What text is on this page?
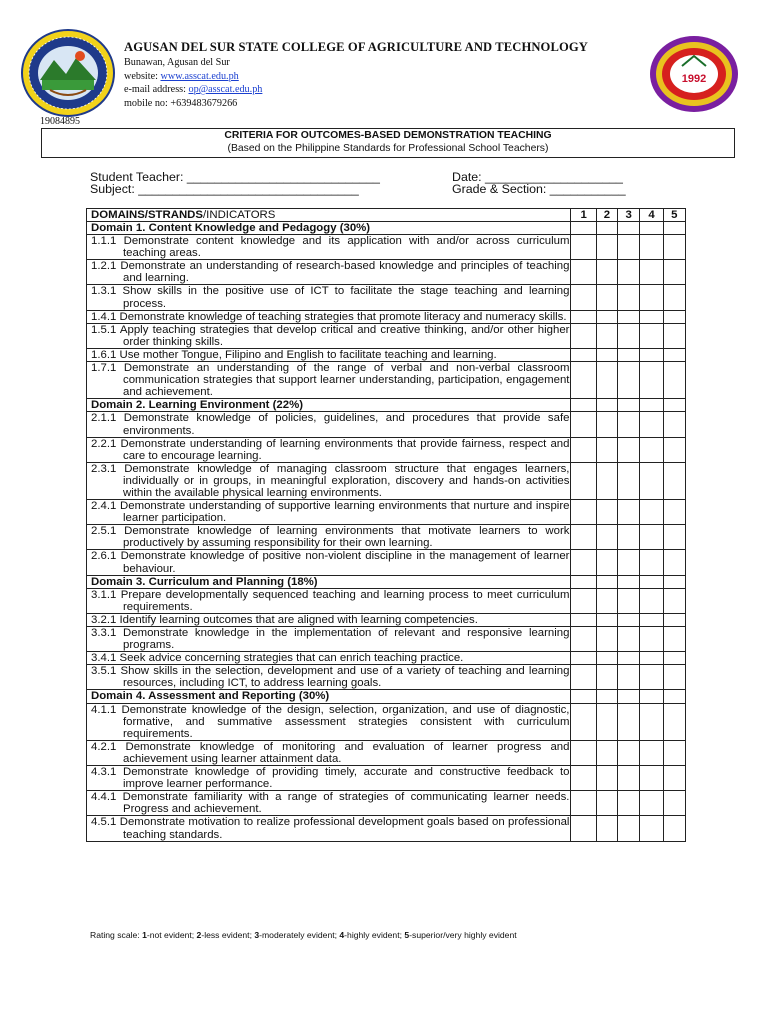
AGUSAN DEL SUR STATE COLLEGE OF AGRICULTURE AND TECHNOLOGY
Bunawan, Agusan del Sur
website: www.asscat.edu.ph
e-mail address: op@asscat.edu.ph
mobile no: +639483679266
1992
19084895
CRITERIA FOR OUTCOMES-BASED DEMONSTRATION TEACHING
(Based on the Philippine Standards for Professional School Teachers)
Student Teacher: ____________________________	Date: ____________________
Subject: ________________________________	Grade & Section: ___________
DOMAINS/STRANDS/INDICATORS	1	2	3	4	5
Domain 1. Content Knowledge and Pedagogy (30%)					
1.1.1 Demonstrate content knowledge and its application with and/or across curriculum teaching areas.					
1.2.1 Demonstrate an understanding of research-based knowledge and principles of teaching and learning.					
1.3.1 Show skills in the positive use of ICT to facilitate the stage teaching and learning process.					
1.4.1 Demonstrate knowledge of teaching strategies that promote literacy and numeracy skills.					
1.5.1 Apply teaching strategies that develop critical and creative thinking, and/or other higher order thinking skills.					
1.6.1 Use mother Tongue, Filipino and English to facilitate teaching and learning.					
1.7.1 Demonstrate an understanding of the range of verbal and non-verbal classroom communication strategies that support learner understanding, participation, engagement and achievement.					
Domain 2. Learning Environment (22%)					
2.1.1 Demonstrate knowledge of policies, guidelines, and procedures that provide safe environments.					
2.2.1 Demonstrate understanding of learning environments that provide fairness, respect and care to encourage learning.					
2.3.1 Demonstrate knowledge of managing classroom structure that engages learners, individually or in groups, in meaningful exploration, discovery and hands-on activities within the available physical learning environments.					
2.4.1 Demonstrate understanding of supportive learning environments that nurture and inspire learner participation.					
2.5.1 Demonstrate knowledge of learning environments that motivate learners to work productively by assuming responsibility for their own learning.					
2.6.1 Demonstrate knowledge of positive non-violent discipline in the management of learner behaviour.					
Domain 3. Curriculum and Planning (18%)					
3.1.1 Prepare developmentally sequenced teaching and learning process to meet curriculum requirements.					
3.2.1 Identify learning outcomes that are aligned with learning competencies.					
3.3.1 Demonstrate knowledge in the implementation of relevant and responsive learning programs.					
3.4.1 Seek advice concerning strategies that can enrich teaching practice.					
3.5.1 Show skills in the selection, development and use of a variety of teaching and learning resources, including ICT, to address learning goals.					
Domain 4. Assessment and Reporting (30%)					
4.1.1 Demonstrate knowledge of the design, selection, organization, and use of diagnostic, formative, and summative assessment strategies consistent with curriculum requirements.					
4.2.1 Demonstrate knowledge of monitoring and evaluation of learner progress and achievement using learner attainment data.					
4.3.1 Demonstrate knowledge of providing timely, accurate and constructive feedback to improve learner performance.					
4.4.1 Demonstrate familiarity with a range of strategies of communicating learner needs. Progress and achievement.					
4.5.1 Demonstrate motivation to realize professional development goals based on professional teaching standards.					
Rating scale: 1-not evident; 2-less evident; 3-moderately evident; 4-highly evident; 5-superior/very highly evident
